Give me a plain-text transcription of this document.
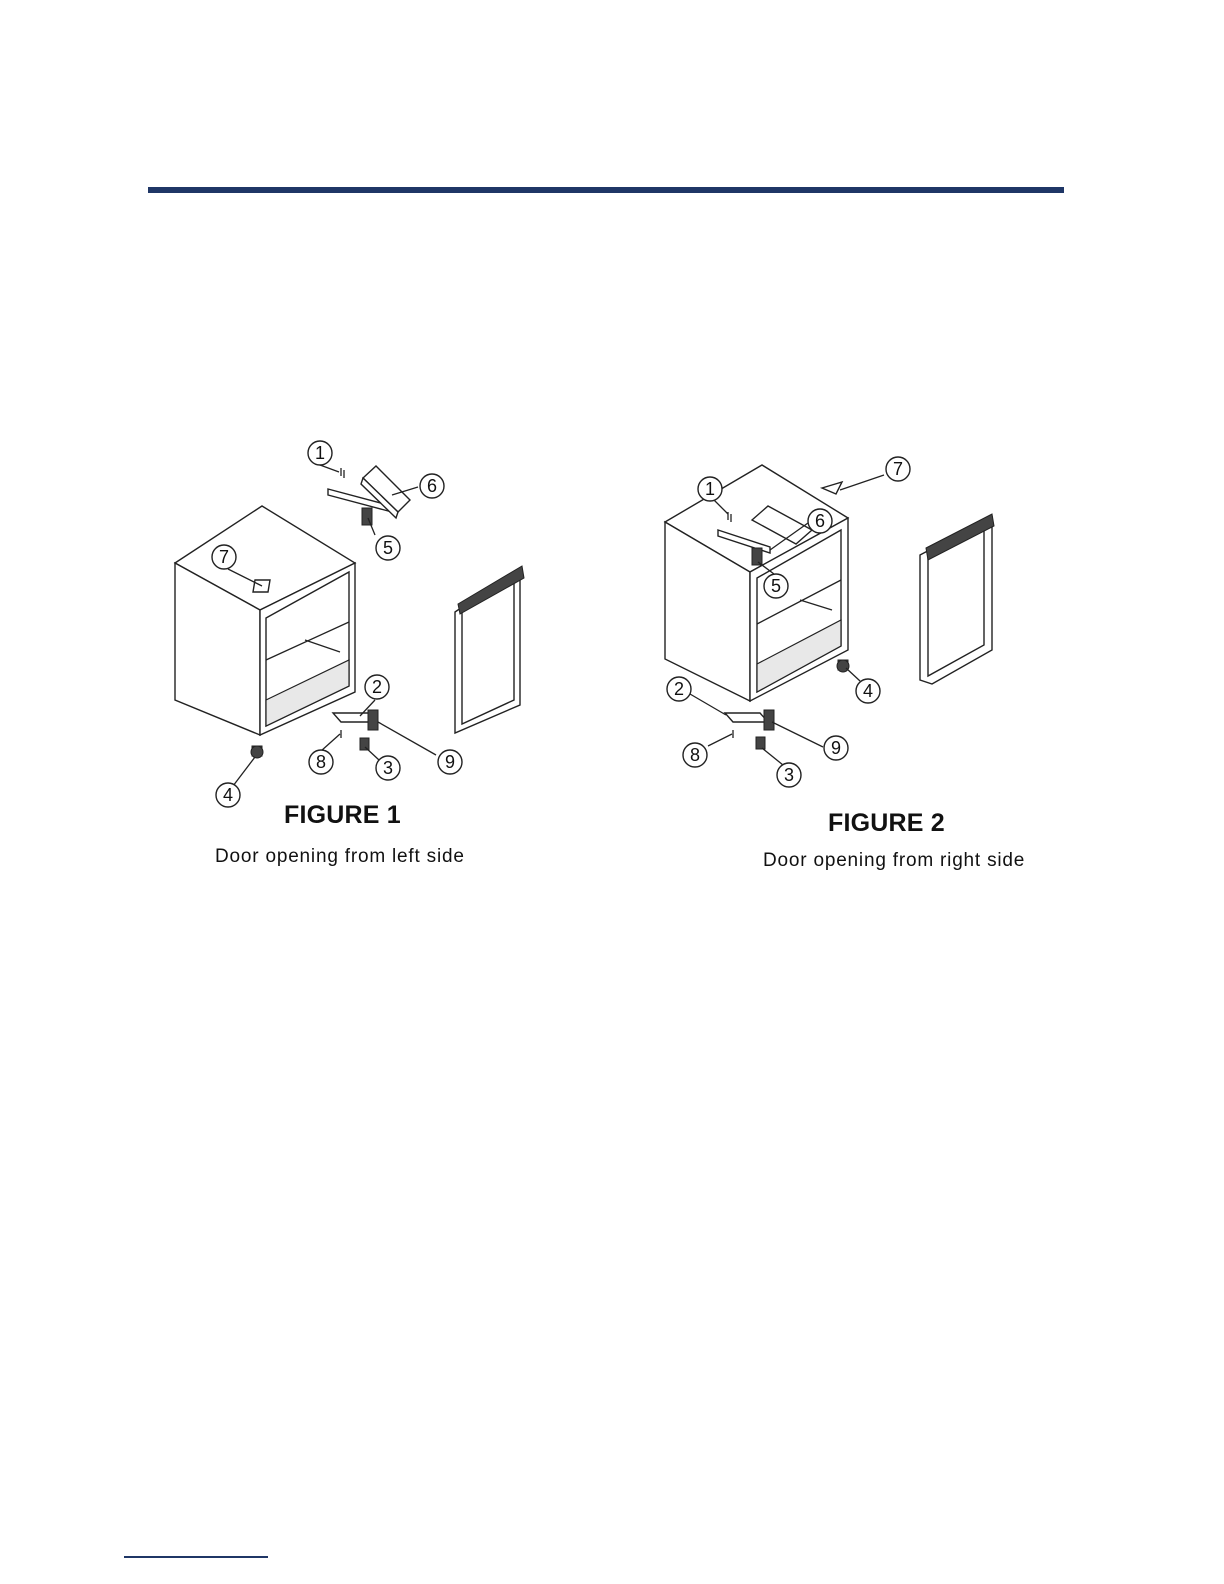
1
6
5
7
2
8	3	9
4
7
1
6
5
4
2
8	9
3
FIGURE 1
Door opening from left side
FIGURE 2
Door opening from right side
